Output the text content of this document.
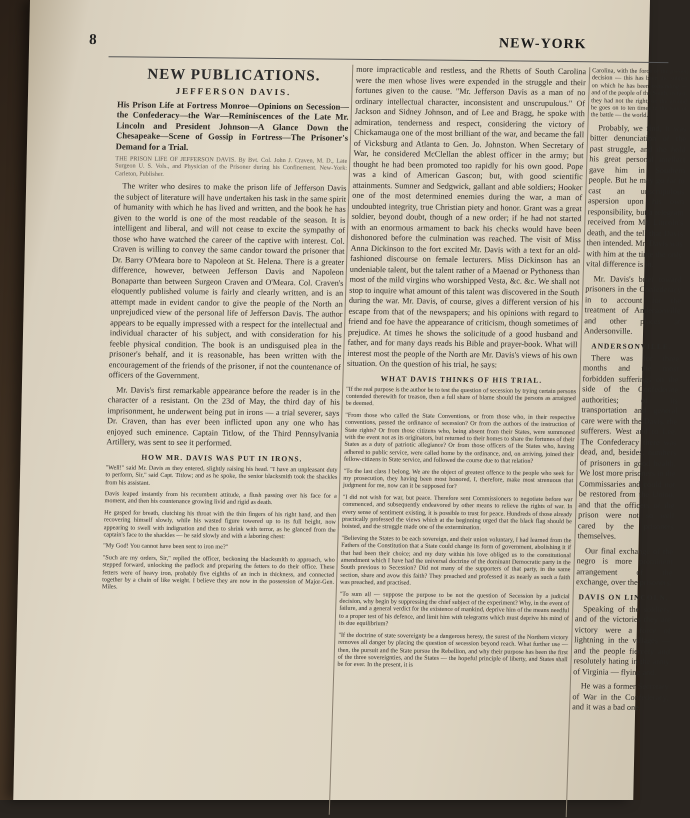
8	NEW-YORK
NEW PUBLICATIONS.
JEFFERSON DAVIS.

His Prison Life at Fortress Monroe—Opinions on Secession—the Confederacy—the War—Reminiscences of the Late Mr. Lincoln and President Johnson—A Glance Down the Chesapeake—Scene of Gossip in Fortress—The Prisoner's Demand for a Trial.

THE PRISON LIFE OF JEFFERSON DAVIS. By Bvt. Col. John J. Craven, M. D., Late Surgeon U. S. Vols., and Physician of the Prisoner during his Confinement. New-York: Carleton, Publisher.

The writer who desires to make the prison life of Jefferson Davis the subject of literature will have undertaken his task in the same spirit of humanity with which he has lived and written, and the book he has given to the world is one of the most readable of the season. It is intelligent and liberal, and will not cease to excite the sympathy of those who have watched the career of the captive with interest. Col. Craven is willing to convey the same candor toward the prisoner that Dr. Barry O'Meara bore to Napoleon at St. Helena. There is a greater difference, however, between Jefferson Davis and Napoleon Bonaparte than between Surgeon Craven and O'Meara. Col. Craven's eloquently published volume is fairly and clearly written, and is an attempt made in evident candor to give the people of the North an unprejudiced view of the personal life of Jefferson Davis. The author appears to be equally impressed with a respect for the intellectual and individual character of his subject, and with consideration for his feeble physical condition. The book is an undisguised plea in the prisoner's behalf, and it is reasonable, has been written with the encouragement of the friends of the prisoner, if not the countenance of officers of the Government.

Mr. Davis's first remarkable appearance before the reader is in the character of a resistant. On the 23d of May, the third day of his imprisonment, he underwent being put in irons — a trial severer, says Dr. Craven, than has ever been inflicted upon any one who has enjoyed such eminence. Captain Titlow, of the Third Pennsylvania Artillery, was sent to see it performed.

HOW MR. DAVIS WAS PUT IN IRONS.

"Well!" said Mr. Davis as they entered, slightly raising his head. "I have an unpleasant duty to perform, Sir," said Capt. Titlow; and as he spoke, the senior blacksmith took the shackles from his assistant.

Davis leaped instantly from his recumbent attitude, a flush passing over his face for a moment, and then his countenance growing livid and rigid as death.

He gasped for breath, clutching his throat with the thin fingers of his right hand, and then recovering himself slowly, while his wasted figure towered up to its full height, now appearing to swell with indignation and then to shrink with terror, as he glanced from the captain's face to the shackles — he said slowly and with a laboring chest:

"My God! You cannot have been sent to iron me?"

"Such are my orders, Sir," replied the officer, beckoning the blacksmith to approach, who stepped forward, unlocking the padlock and preparing the fetters to do their office. These fetters were of heavy iron, probably five eighths of an inch in thickness, and connected together by a chain of like weight. I believe they are now in the possession of Major-Gen. Miles.

more impracticable and restless, and the Rhetts of South Carolina were the men whose lives were expended in the struggle and their fortunes given to the cause. "Mr. Jefferson Davis as a man of no ordinary intellectual character, inconsistent and unscrupulous." Of Jackson and Sidney Johnson, and of Lee and Bragg, he spoke with admiration, tenderness and respect, considering the victory of Chickamauga one of the most brilliant of the war, and became the fall of Vicksburg and Atlanta to Gen. Jo. Johnston. When Secretary of War, he considered McClellan the ablest officer in the army; but thought he had been promoted too rapidly for his own good. Pope was a kind of American Gascon; but, with good scientific attainments. Sumner and Sedgwick, gallant and able soldiers; Hooker one of the most determined enemies during the war, a man of undoubted integrity, true Christian piety and honor. Grant was a great soldier, beyond doubt, though of a new order; if he had not started with an enormous armament to back his checks would have been dishonored before the culmination was reached. The visit of Miss Anna Dickinson to the fort excited Mr. Davis with a text for an old-fashioned discourse on female lecturers. Miss Dickinson has an undeniable talent, but the talent rather of a Maenad or Pythoness than most of the mild virgins who worshipped Vesta, &c. &c. We shall not stop to inquire what amount of this talent was discovered in the South during the war. Mr. Davis, of course, gives a different version of his escape from that of the newspapers; and his opinions with regard to friend and foe have the appearance of criticism, though sometimes of prejudice. At times he shows the solicitude of a good husband and father, and for many days reads his Bible and prayer-book. What will interest most the people of the North are Mr. Davis's views of his own situation. On the question of his trial, he says:

WHAT DAVIS THINKS OF HIS TRIAL.

"If the real purpose is the author be to test the question of secession by trying certain persons contended therewith for treason, then a full share of blame should the persons as arraigned be deemed.

"From those who called the State Conventions, or from those who, in their respective conventions, passed the ordinance of secession? Or from the authors of the instruction of State rights? Or from those citizens who, being absent from their States, were summoned with the event not as its originators, but returned to their homes to share the fortunes of their States as a duty of patriotic allegiance? Or from those officers of the States who, having adhered to public service, were called home by the ordinance, and, on arriving, joined their fellow-citizens in State service, and followed the course due to that relation?

"To the last class I belong. We are the object of greatest offence to the people who seek for my prosecution, they having been most honored, I, therefore, make most strenuous that judgment for me, now can it be supposed for?

"I did not wish for war, but peace. Therefore sent Commissioners to negotiate before war commenced, and subsequently endeavored by other means to relieve the rights of war. In every sense of sentiment existing, it is possible to trust for peace. Hundreds of those already practically professed the views which at the beginning urged that the black flag should be hoisted, and the struggle made one of the extermination.

"Believing the States to be each sovereign, and their union voluntary, I had learned from the Fathers of the Constitution that a State could change its form of government, abolishing it if that had been their choice; and my duty within his love obliged us to the constitutional amendment which I have had the universal doctrine of the dominant Democratic party in the South previous to Secession? Did not many of the supporters of that party, in the same section, share and avow this faith? They preached and professed it as nearly as such a faith was preached, and practised.

"To sum all — suppose the purpose to be not the question of Secession by a judicial decision, why begin by suppressing the chief subject of the experiment? Why, in the event of failure, and a general verdict for the existence of mankind, deprive him of the means needful to a proper test of his defence, and limit him with telegrams which must deprive his mind of its due equilibrium?

"If the doctrine of state sovereignty be a dangerous heresy, the surest of the Northern victory removes all danger by placing the question of secession beyond reach. What further use — then, the pursuit and the State pursue the Rebellion, and why their purpose has been the first of the three sovereignties, and the States — the hopeful principle of liberty, and States shall be for ever. In the present, it is

Carolina, with the force of the present decision — this has been the subject on which he has been contending — and of the people of the South, in fact, they had not the right; on the ground he goes on to ten times in the way of the battle — the world.

Probably, we find, it was bitter denunciation of the past struggle, and the hold his great personal intellect gave him in Southern people. But he may go far to cast an unscrupulous aspersion upon his own responsibility, but a telegram received from Mr. Lincoln's death, and the tell that Davis then intended. Mr. Davis was with him at the time the only vital difference is in.

Mr. Davis's brief toward prisoners in the Confederacy in to account for the treatment of Andersonville and other places at Andersonville.

ANDERSONVILLE.

There was for three months and the most forbidden sufferings on the side of the Confederate authorities; of its transportation and general care were with the Davis, the sufferers. West and to Lee. The Confederacy there was dead, and, besides, numbers of prisoners in good health. We lost more prisoners in the Commissaries and could not be restored from the Union, and that the officers of the prison were not so well cared by the prisoners themselves.

Our final exchange of the negro is more prominent arrangement of the exchange, over the prisoners.

DAVIS ON LINCOLN.

Speaking of the soldiers, and of the victories they are victory were a force of lightning in the villages — and the people fiercely and resolutely hating in the army of Virginia — flying and.

He was a former Secretary of War in the Confederacy, and it was a bad one.
